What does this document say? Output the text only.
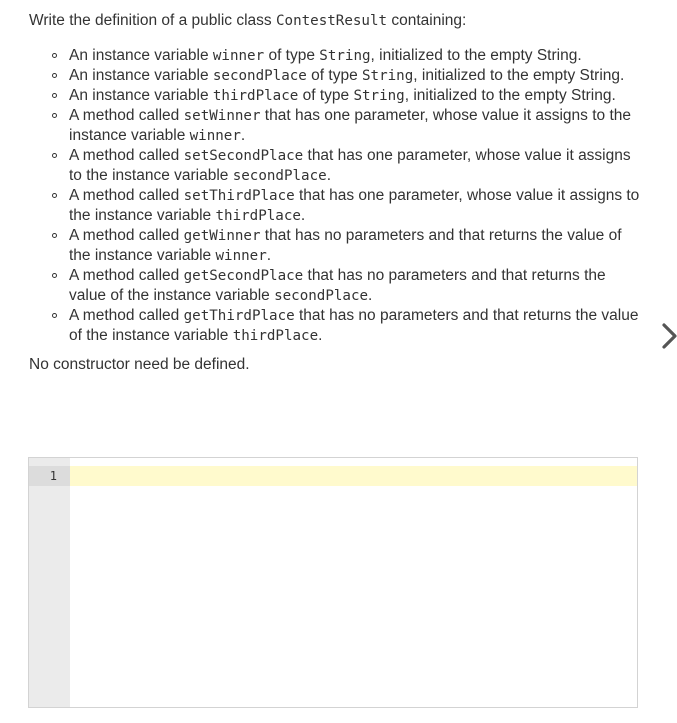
Write the definition of a public class ContestResult containing:

An instance variable winner of type String, initialized to the empty String.
An instance variable secondPlace of type String, initialized to the empty String.
An instance variable thirdPlace of type String, initialized to the empty String.
A method called setWinner that has one parameter, whose value it assigns to the instance variable winner.
A method called setSecondPlace that has one parameter, whose value it assigns to the instance variable secondPlace.
A method called setThirdPlace that has one parameter, whose value it assigns to the instance variable thirdPlace.
A method called getWinner that has no parameters and that returns the value of the instance variable winner.
A method called getSecondPlace that has no parameters and that returns the value of the instance variable secondPlace.
A method called getThirdPlace that has no parameters and that returns the value of the instance variable thirdPlace.

No constructor need be defined.

1
